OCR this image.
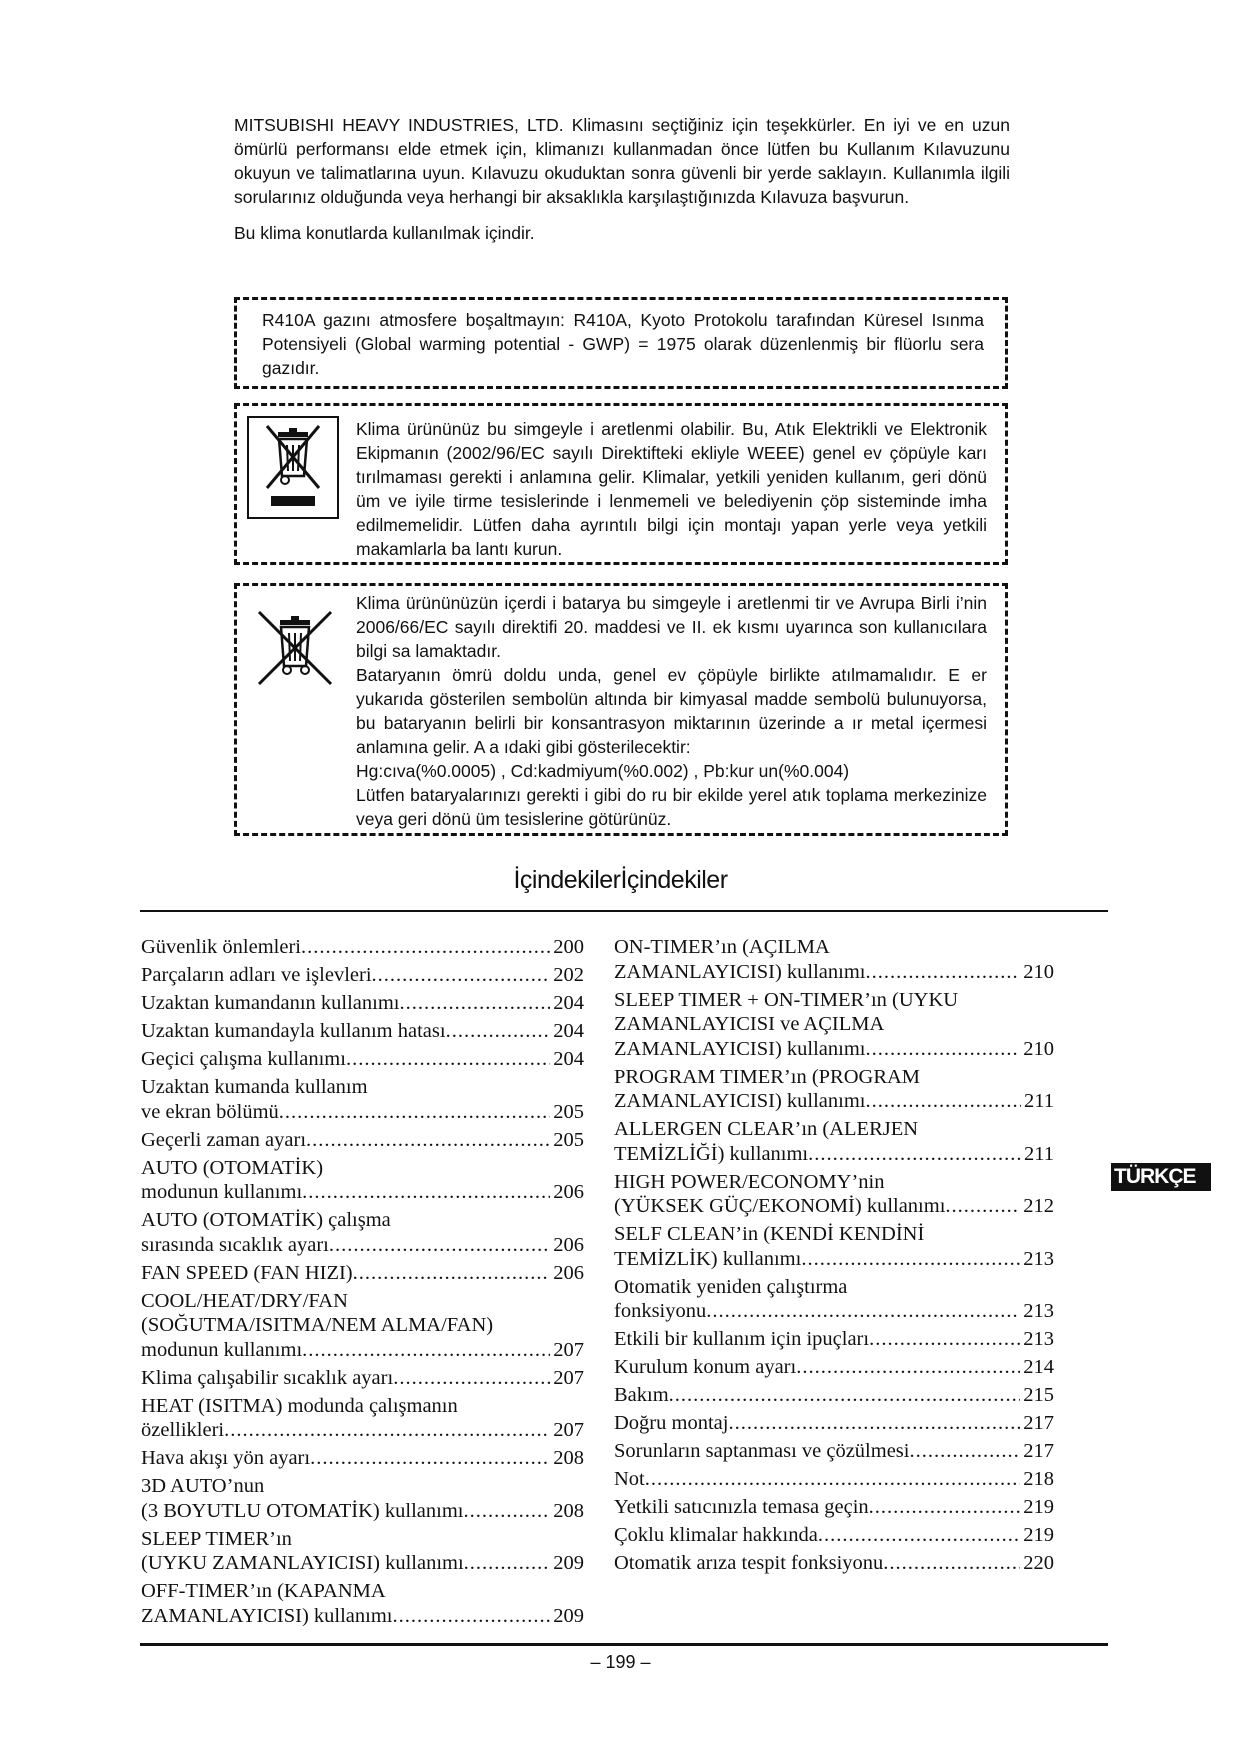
MITSUBISHI HEAVY INDUSTRIES, LTD. Klimasını seçtiğiniz için teşekkürler. En iyi ve en uzun ömürlü performansı elde etmek için, klimanızı kullanmadan önce lütfen bu Kullanım Kılavuzunu okuyun ve talimatlarına uyun. Kılavuzu okuduktan sonra güvenli bir yerde saklayın. Kullanımla ilgili sorularınız olduğunda veya herhangi bir aksaklıkla karşılaştığınızda Kılavuza başvurun.

Bu klima konutlarda kullanılmak içindir.

R410A gazını atmosfere boşaltmayın: R410A, Kyoto Protokolu tarafından Küresel Isınma Potensiyeli (Global warming potential - GWP) = 1975 olarak düzenlenmiş bir flüorlu sera gazıdır.
Klima ürününüz bu simgeyle i aretlenmi olabilir. Bu, Atık Elektrikli ve Elektronik Ekipmanın (2002/96/EC sayılı Direktifteki ekliyle WEEE) genel ev çöpüyle karı tırılmaması gerekti i anlamına gelir. Klimalar, yetkili yeniden kullanım, geri dönü üm ve iyile tirme tesislerinde i lenmemeli ve belediyenin çöp sisteminde imha edilmemelidir. Lütfen daha ayrıntılı bilgi için montajı yapan yerle veya yetkili makamlarla ba lantı kurun.
Klima ürününüzün içerdi i batarya bu simgeyle i aretlenmi tir ve Avrupa Birli i’nin 2006/66/EC sayılı direktifi 20. maddesi ve II. ek kısmı uyarınca son kullanıcılara bilgi sa lamaktadır.
Bataryanın ömrü doldu unda, genel ev çöpüyle birlikte atılmamalıdır. E er yukarıda gösterilen sembolün altında bir kimyasal madde sembolü bulunuyorsa, bu bataryanın belirli bir konsantrasyon miktarının üzerinde a ır metal içermesi anlamına gelir. A a ıdaki gibi gösterilecektir:
Hg:cıva(%0.0005) , Cd:kadmiyum(%0.002) , Pb:kur un(%0.004)
Lütfen bataryalarınızı gerekti i gibi do ru bir ekilde yerel atık toplama merkezinize veya geri dönü üm tesislerine götürünüz.
İçindekilerİçindekiler
Güvenlik önlemleri .....	200
Parçaların adları ve işlevleri .....	202
Uzaktan kumandanın kullanımı .....	204
Uzaktan kumandayla kullanım hatası .....	204
Geçici çalışma kullanımı .....	204
Uzaktan kumanda kullanım
ve ekran bölümü .....	205
Geçerli zaman ayarı .....	205
AUTO (OTOMATİK)
modunun kullanımı .....	206
AUTO (OTOMATİK) çalışma
sırasında sıcaklık ayarı .....	206
FAN SPEED (FAN HIZI) .....	206
COOL/HEAT/DRY/FAN
(SOĞUTMA/ISITMA/NEM ALMA/FAN)
modunun kullanımı .....	207
Klima çalışabilir sıcaklık ayarı .....	207
HEAT (ISITMA) modunda çalışmanın
özellikleri .....	207
Hava akışı yön ayarı .....	208
3D AUTO’nun
(3 BOYUTLU OTOMATİK) kullanımı .....	208
SLEEP TIMER’ın
(UYKU ZAMANLAYICISI) kullanımı .....	209
OFF-TIMER’ın (KAPANMA
ZAMANLAYICISI) kullanımı .....	209
ON-TIMER’ın (AÇILMA
ZAMANLAYICISI) kullanımı .....	210
SLEEP TIMER + ON-TIMER’ın (UYKU
ZAMANLAYICISI ve AÇILMA
ZAMANLAYICISI) kullanımı .....	210
PROGRAM TIMER’ın (PROGRAM
ZAMANLAYICISI) kullanımı .....	211
ALLERGEN CLEAR’ın (ALERJEN
TEMİZLİĞİ) kullanımı .....	211
HIGH POWER/ECONOMY’nin
(YÜKSEK GÜÇ/EKONOMİ) kullanımı .....	212
SELF CLEAN’in (KENDİ KENDİNİ
TEMİZLİK) kullanımı .....	213
Otomatik yeniden çalıştırma
fonksiyonu .....	213
Etkili bir kullanım için ipuçları .....	213
Kurulum konum ayarı .....	214
Bakım .....	215
Doğru montaj .....	217
Sorunların saptanması ve çözülmesi .....	217
Not .....	218
Yetkili satıcınızla temasa geçin .....	219
Çoklu klimalar hakkında .....	219
Otomatik arıza tespit fonksiyonu .....	220
TÜRKÇE
– 199 –
